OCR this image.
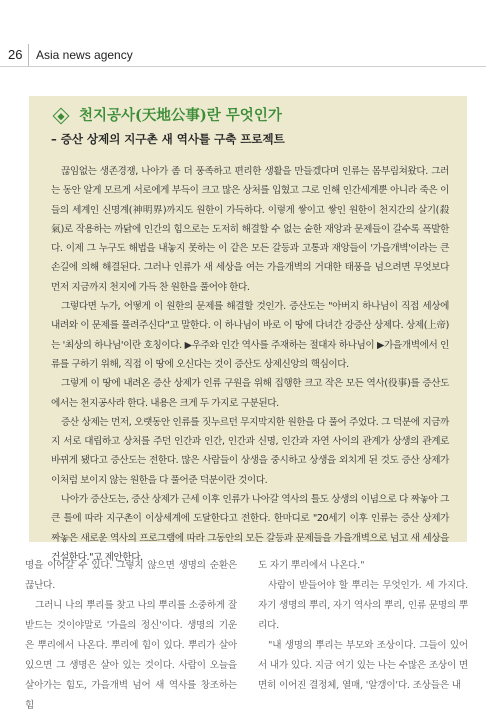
26 Asia news agency
천지공사(天地公事)란 무엇인가
– 증산 상제의 지구촌 새 역사틀 구축 프로젝트

끊임없는 생존경쟁, 나아가 좀 더 풍족하고 편리한 생활을 만들겠다며 인류는 몸부림쳐왔다. 그러는 동안 알게 모르게 서로에게 부득이 크고 많은 상처를 입혔고 그로 인해 인간세계뿐 아니라 죽은 이들의 세계인 신명계(神明界)까지도 원한이 가득하다. 이렇게 쌓이고 쌓인 원한이 천지간의 살기(殺氣)로 작용하는 까닭에 인간의 힘으로는 도저히 해결할 수 없는 숱한 재앙과 문제들이 갈수록 폭발한다. 이제 그 누구도 해법을 내놓지 못하는 이 같은 모든 갈등과 고통과 재앙들이 '가을개벽'이라는 큰 손길에 의해 해결된다. 그러나 인류가 새 세상을 여는 가을개벽의 거대한 태풍을 넘으려면 무엇보다 먼저 지금까지 천지에 가득 찬 원한을 풀어야 한다.

그렇다면 누가, 어떻게 이 원한의 문제를 해결할 것인가. 증산도는 "아버지 하나님이 직접 세상에 내려와 이 문제를 풀려주신다"고 말한다. 이 하나님이 바로 이 땅에 다녀간 강증산 상제다. 상제(上帝)는 '최상의 하나님'이란 호칭이다. ▶우주와 인간 역사를 주재하는 절대자 하나님이 ▶가을개벽에서 인류를 구하기 위해, 직접 이 땅에 오신다는 것이 증산도 상제신앙의 핵심이다.

그렇게 이 땅에 내려온 증산 상제가 인류 구원을 위해 집행한 크고 작은 모든 역사(役事)를 증산도에서는 천지공사라 한다. 내용은 크게 두 가지로 구분된다.

증산 상제는 먼저, 오랫동안 인류를 짓누르던 무지막지한 원한을 다 풀어 주었다. 그 덕분에 지금까지 서로 대립하고 상처를 주던 인간과 인간, 인간과 신명, 인간과 자연 사이의 관계가 상생의 관계로 바뀌게 됐다고 증산도는 전한다. 많은 사람들이 상생을 중시하고 상생을 외치게 된 것도 증산 상제가 이처럼 보이지 않는 원한을 다 풀어준 덕분이란 것이다.

나아가 증산도는, 증산 상제가 근세 이후 인류가 나아갈 역사의 틀도 상생의 이념으로 다 짜놓아 그 큰 틀에 따라 지구촌이 이상세계에 도달한다고 전한다. 한마디로 "20세기 이후 인류는 증산 상제가 짜놓은 새로운 역사의 프로그램에 따라 그동안의 모든 갈등과 문제들을 가을개벽으로 넘고 새 세상을 건설한다."고 제안한다.

명을 이어갈 수 있다. 그렇지 않으면 생명의 순환은 끊난다.

그러니 나의 뿌리를 찾고 나의 뿌리를 소중하게 잘 받드는 것이야말로 '가을의 정신'이다. 생명의 기운은 뿌리에서 나온다. 뿌리에 힘이 있다. 뿌리가 살아 있으면 그 생명은 살아 있는 것이다. 사람이 오늘을 살아가는 힘도, 가을개벽 넘어 새 역사를 창조하는 힘

도 자기 뿌리에서 나온다."

사람이 받들어야 할 뿌리는 무엇인가. 세 가지다. 자기 생명의 뿌리, 자기 역사의 뿌리, 인류 문명의 뿌리다.

"내 생명의 뿌리는 부모와 조상이다. 그들이 있어서 내가 있다. 지금 여기 있는 나는 수많은 조상이 면면히 이어진 결정체, 열매, '알갱이'다. 조상들은 내
